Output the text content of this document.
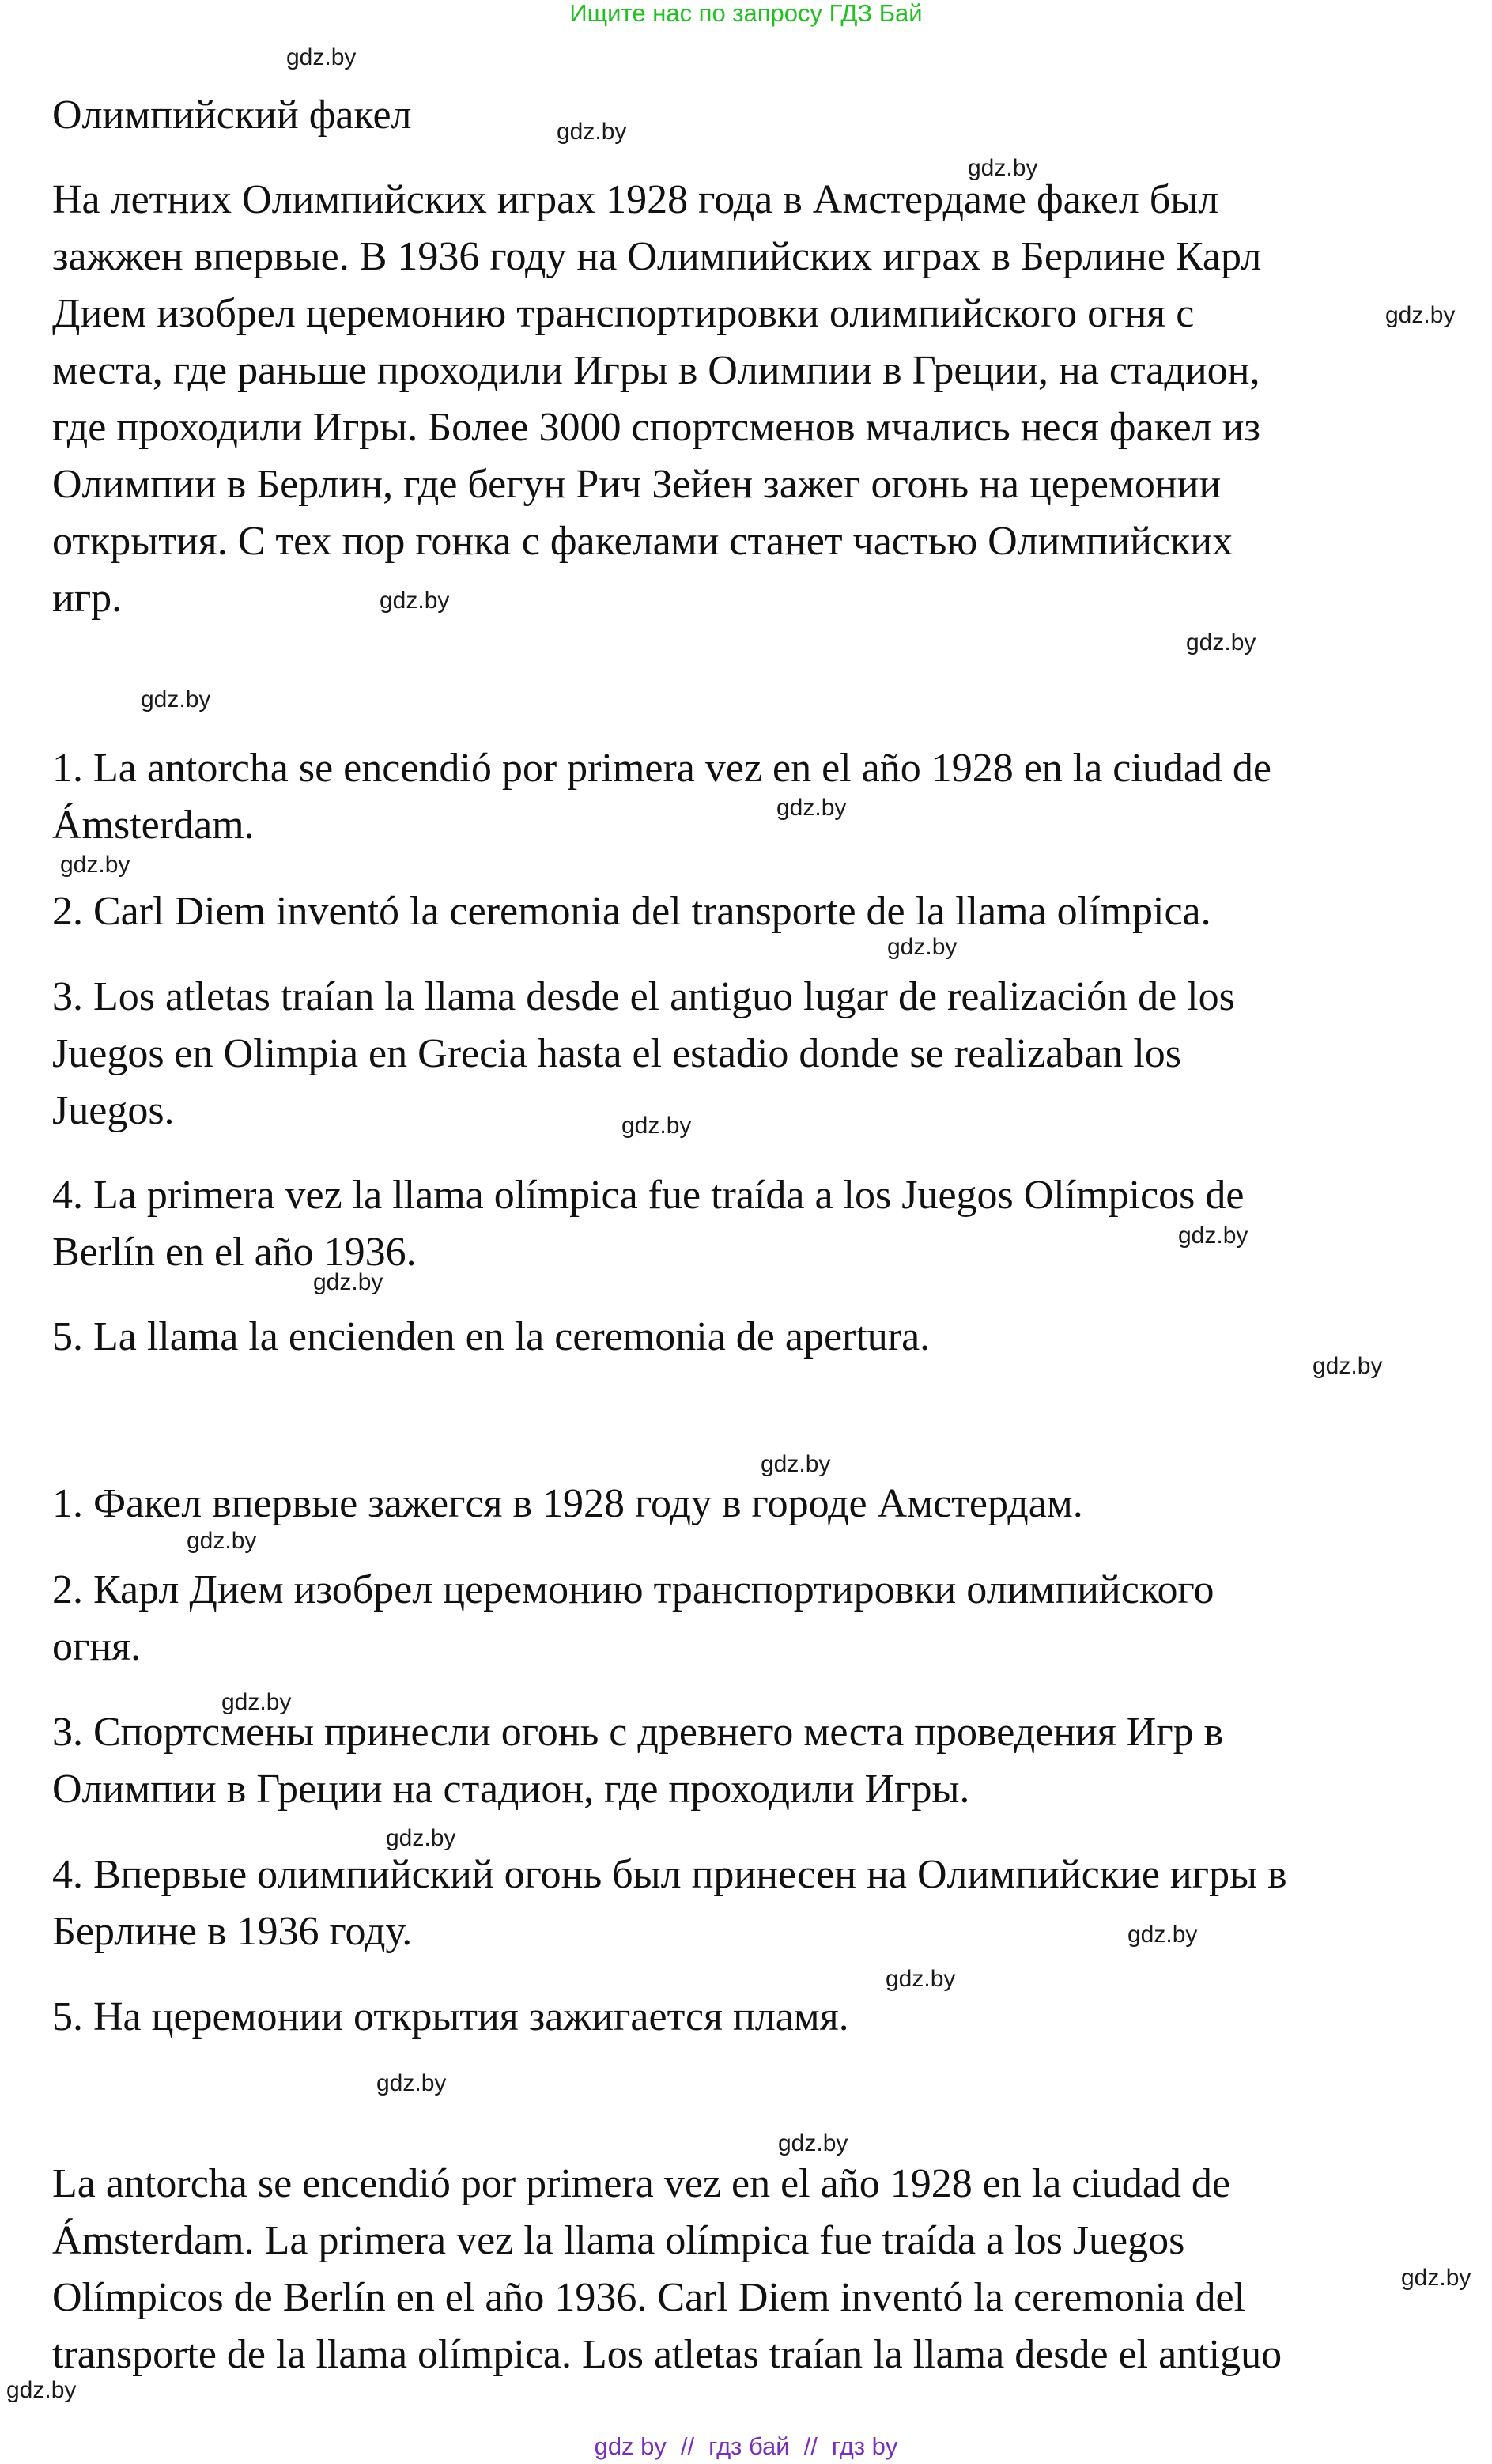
Ищите нас по запросу ГДЗ Бай
Олимпийский факел

На летних Олимпийских играх 1928 года в Амстердаме факел был
зажжен впервые. В 1936 году на Олимпийских играх в Берлине Карл
Дием изобрел церемонию транспортировки олимпийского огня с
места, где раньше проходили Игры в Олимпии в Греции, на стадион,
где проходили Игры. Более 3000 спортсменов мчались неся факел из
Олимпии в Берлин, где бегун Рич Зейен зажег огонь на церемонии
открытия. С тех пор гонка с факелами станет частью Олимпийских
игр.

1. La antorcha se encendió por primera vez en el año 1928 en la ciudad de
Ámsterdam.

2. Carl Diem inventó la ceremonia del transporte de la llama olímpica.

3. Los atletas traían la llama desde el antiguo lugar de realización de los
Juegos en Olimpia en Grecia hasta el estadio donde se realizaban los
Juegos.

4. La primera vez la llama olímpica fue traída a los Juegos Olímpicos de
Berlín en el año 1936.

5. La llama la encienden en la ceremonia de apertura.

1. Факел впервые зажегся в 1928 году в городе Амстердам.

2. Карл Дием изобрел церемонию транспортировки олимпийского
огня.

3. Спортсмены принесли огонь с древнего места проведения Игр в
Олимпии в Греции на стадион, где проходили Игры.

4. Впервые олимпийский огонь был принесен на Олимпийские игры в
Берлине в 1936 году.

5. На церемонии открытия зажигается пламя.

La antorcha se encendió por primera vez en el año 1928 en la ciudad de
Ámsterdam. La primera vez la llama olímpica fue traída a los Juegos
Olímpicos de Berlín en el año 1936. Carl Diem inventó la ceremonia del
transporte de la llama olímpica. Los atletas traían la llama desde el antiguo

gdz.by
gdz.by
gdz.by
gdz.by
gdz.by
gdz.by
gdz.by
gdz.by
gdz.by
gdz.by
gdz.by
gdz.by
gdz.by
gdz.by
gdz.by
gdz.by
gdz.by
gdz.by
gdz.by
gdz.by
gdz.by
gdz.by
gdz.by
gdz.by
gdz by // гдз бай // гдз by
